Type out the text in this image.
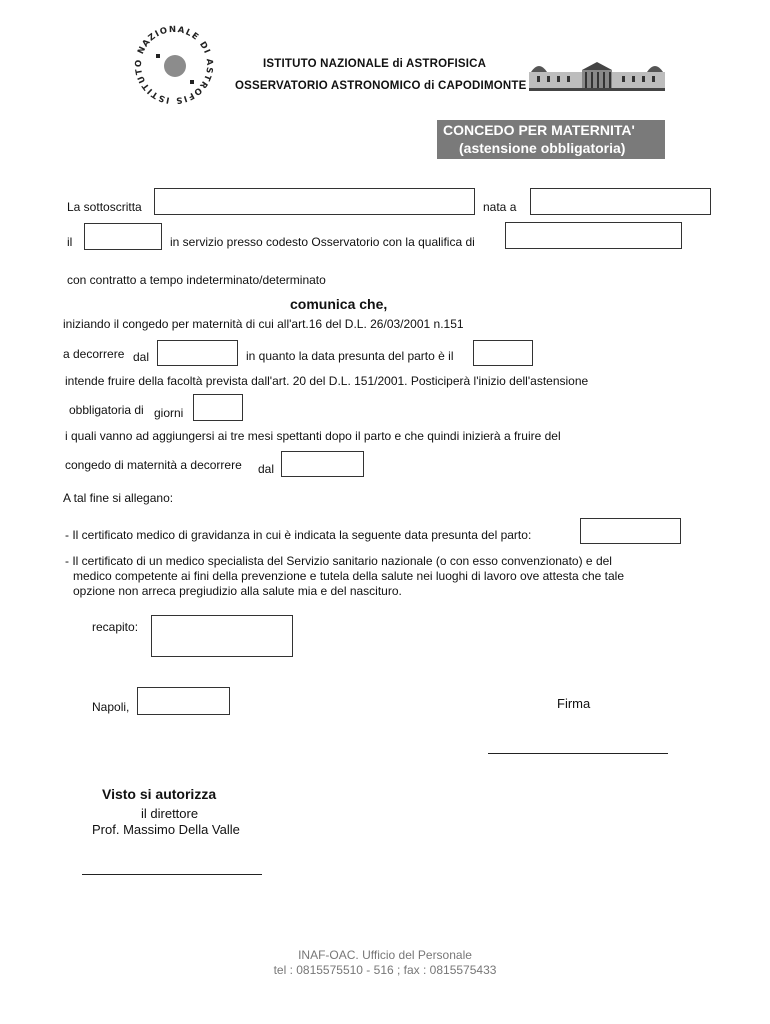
ISTITUTO NAZIONALE DI ASTROFIS
ISTITUTO NAZIONALE di ASTROFISICA
OSSERVATORIO ASTRONOMICO di CAPODIMONTE
CONCEDO PER MATERNITA'
(astensione obbligatoria)
La sottoscritta	nata a
il	in servizio presso codesto Osservatorio con la qualifica di
con contratto a tempo indeterminato/determinato
comunica che,
iniziando il congedo per maternità di cui all'art.16 del D.L. 26/03/2001 n.151
a decorrere dal	in quanto la data presunta del parto è il
intende fruire della facoltà prevista dall'art. 20 del D.L. 151/2001. Posticiperà l'inizio dell'astensione
obbligatoria di giorni
i quali vanno ad aggiungersi ai tre mesi spettanti dopo il parto e che quindi inizierà a fruire del
congedo di maternità a decorrere dal
A tal fine si allegano:
- Il certificato medico di gravidanza in cui è indicata la seguente data presunta del parto:
- Il certificato di un medico specialista del Servizio sanitario nazionale (o con esso convenzionato) e del
medico competente ai fini della prevenzione e tutela della salute nei luoghi di lavoro ove attesta che tale
opzione non arreca pregiudizio alla salute mia e del nascituro.
recapito:
Napoli,	Firma
Visto si autorizza
il direttore
Prof. Massimo Della Valle
INAF-OAC. Ufficio del Personale
tel : 0815575510 - 516 ; fax : 0815575433
